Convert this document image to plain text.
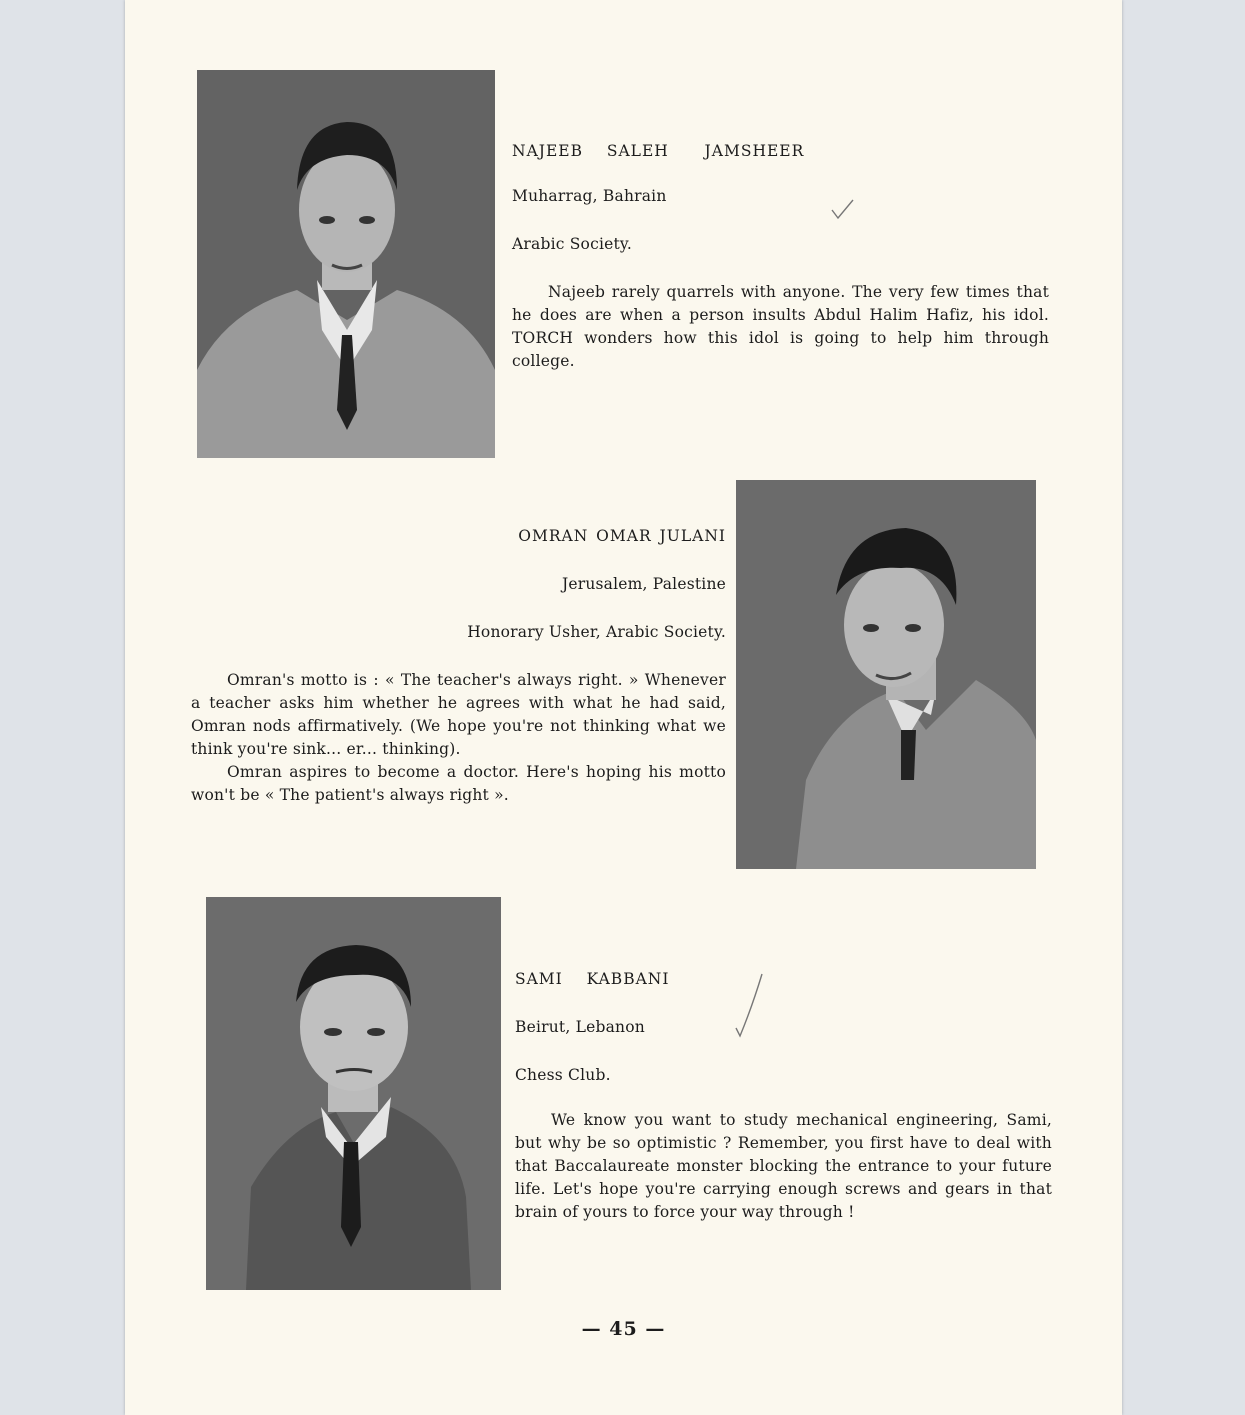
NAJEEB  SALEH   JAMSHEER

Muharrag, Bahrain

Arabic Society.

Najeeb rarely quarrels with anyone. The very few times that he does are when a person insults Abdul Halim Hafiz, his idol. TORCH wonders how this idol is going to help him through college.

OMRAN OMAR JULANI

Jerusalem, Palestine

Honorary Usher, Arabic Society.

Omran's motto is : « The teacher's always right. » Whenever a teacher asks him whether he agrees with what he had said, Omran nods affirmatively. (We hope you're not thinking what we think you're sink... er... thinking).

Omran aspires to become a doctor. Here's hoping his motto won't be « The patient's always right ».

SAMI  KABBANI

Beirut, Lebanon

Chess Club.

We know you want to study mechanical engineering, Sami, but why be so optimistic ? Remember, you first have to deal with that Baccalaureate monster blocking the entrance to your future life. Let's hope you're carrying enough screws and gears in that brain of yours to force your way through !

— 45 —
